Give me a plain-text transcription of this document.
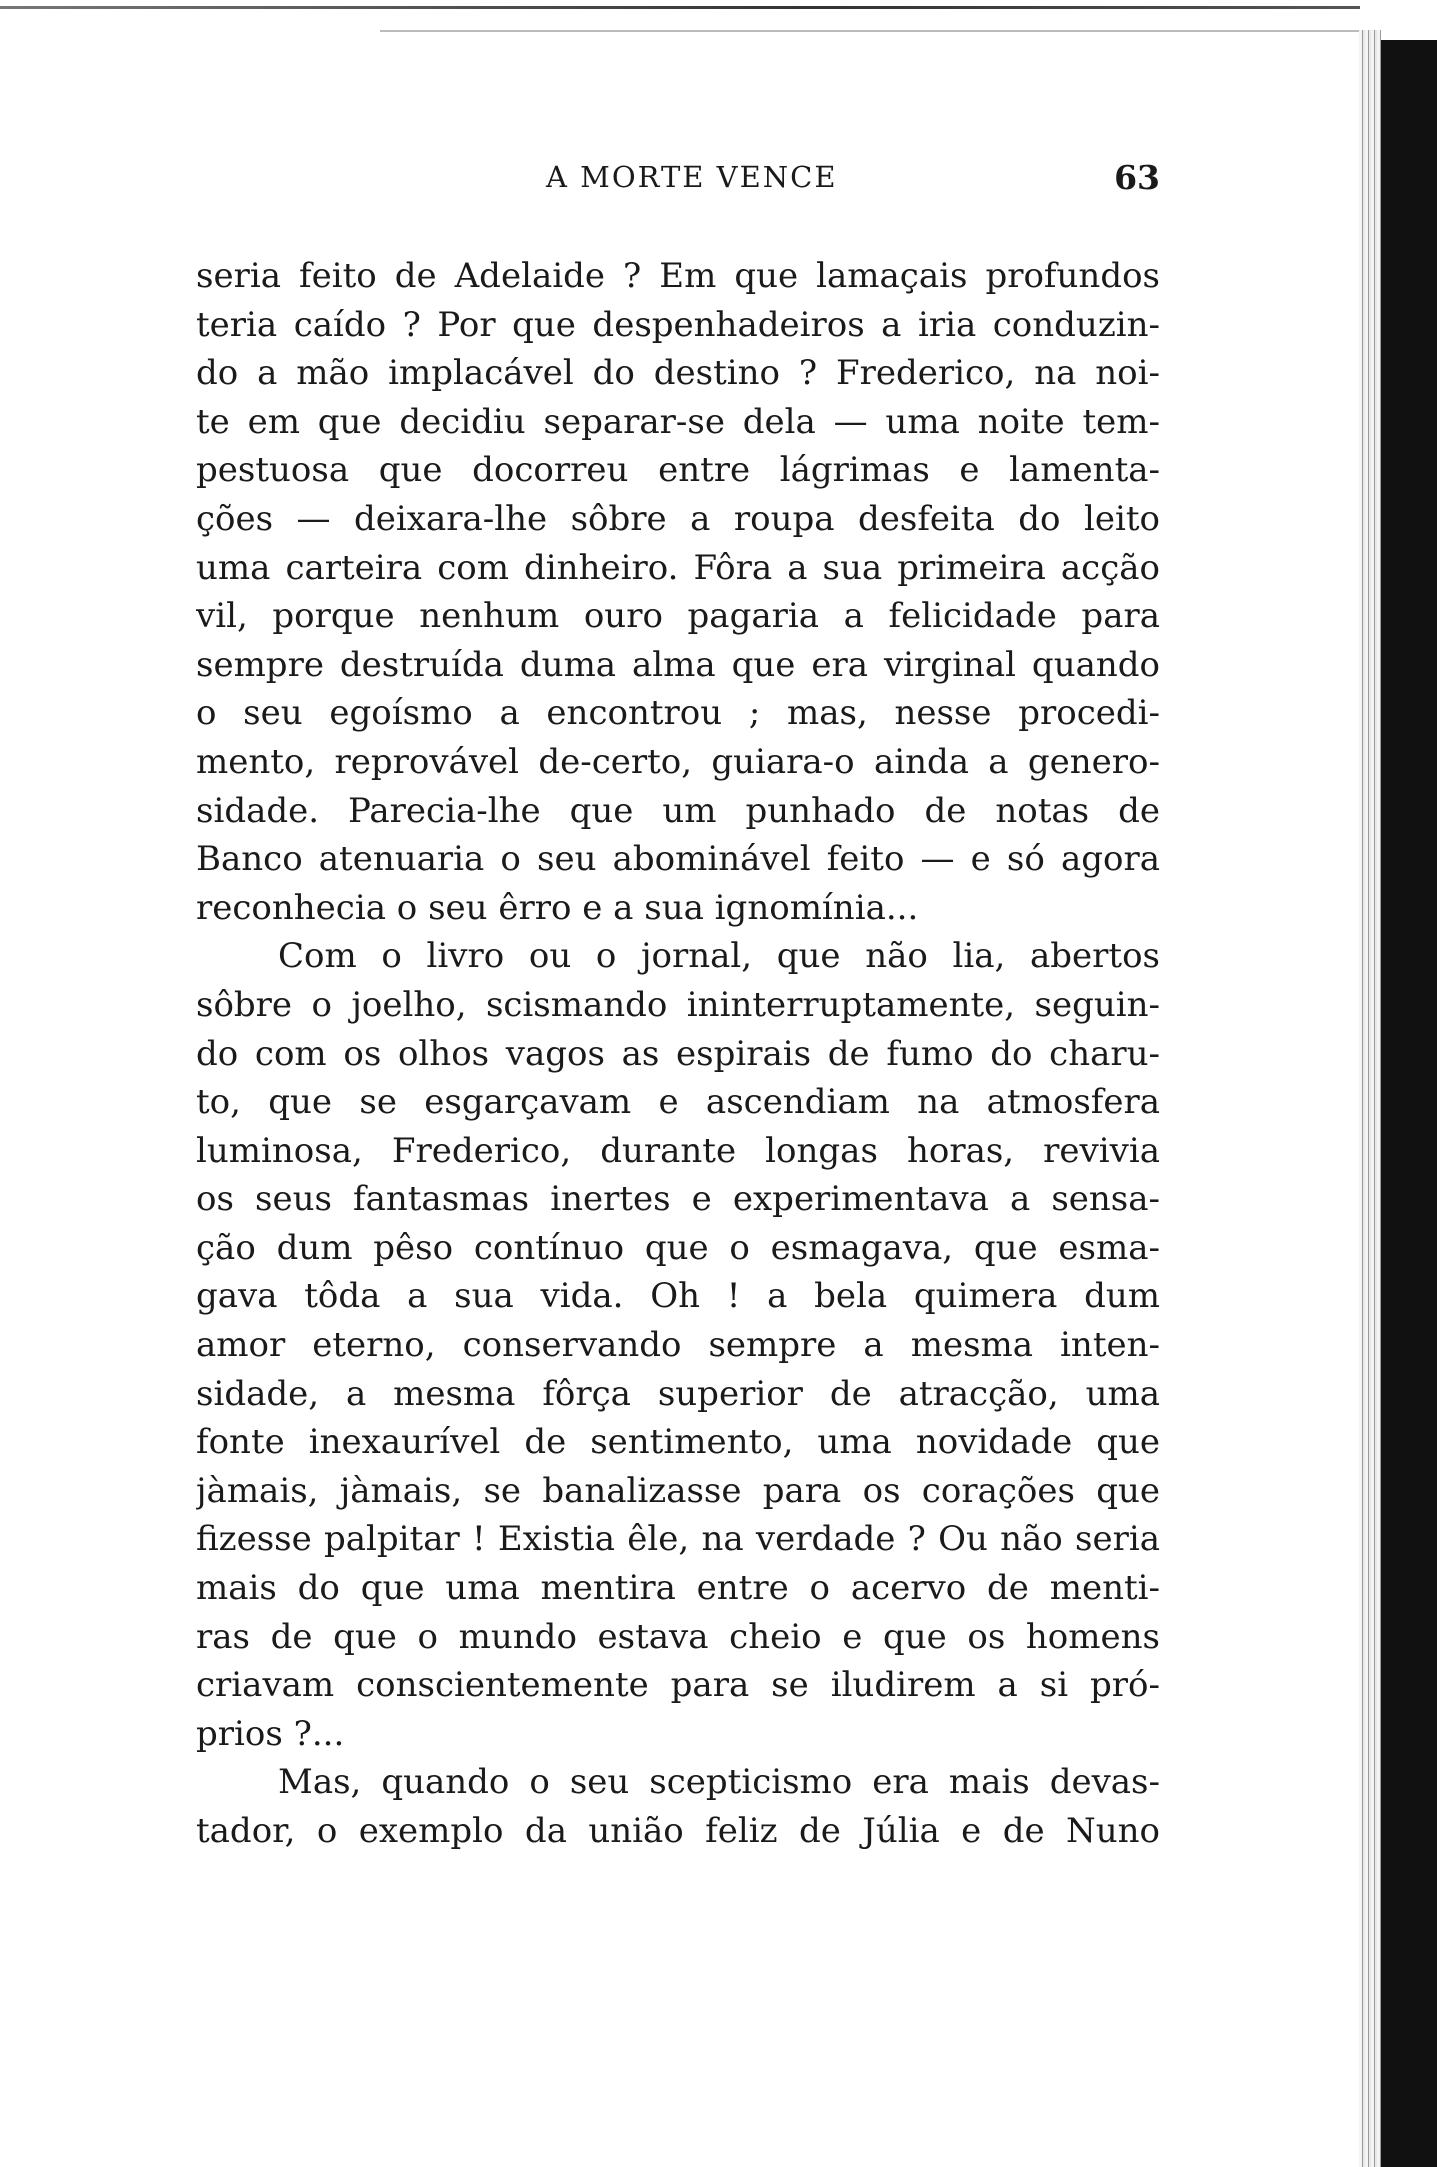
A MORTE VENCE	63
seria feito de Adelaide ? Em que lamaçais profundos
teria caído ? Por que despenhadeiros a iria conduzin-
do a mão implacável do destino ? Frederico, na noi-
te em que decidiu separar-se dela — uma noite tem-
pestuosa que docorreu entre lágrimas e lamenta-
ções — deixara-lhe sôbre a roupa desfeita do leito
uma carteira com dinheiro. Fôra a sua primeira acção
vil, porque nenhum ouro pagaria a felicidade para
sempre destruída duma alma que era virginal quando
o seu egoísmo a encontrou ; mas, nesse procedi-
mento, reprovável de-certo, guiara-o ainda a genero-
sidade. Parecia-lhe que um punhado de notas de
Banco atenuaria o seu abominável feito — e só agora
reconhecia o seu êrro e a sua ignomínia...
Com o livro ou o jornal, que não lia, abertos
sôbre o joelho, scismando ininterruptamente, seguin-
do com os olhos vagos as espirais de fumo do charu-
to, que se esgarçavam e ascendiam na atmosfera
luminosa, Frederico, durante longas horas, revivia
os seus fantasmas inertes e experimentava a sensa-
ção dum pêso contínuo que o esmagava, que esma-
gava tôda a sua vida. Oh ! a bela quimera dum
amor eterno, conservando sempre a mesma inten-
sidade, a mesma fôrça superior de atracção, uma
fonte inexaurível de sentimento, uma novidade que
jàmais, jàmais, se banalizasse para os corações que
fizesse palpitar ! Existia êle, na verdade ? Ou não seria
mais do que uma mentira entre o acervo de menti-
ras de que o mundo estava cheio e que os homens
criavam conscientemente para se iludirem a si pró-
prios ?...
Mas, quando o seu scepticismo era mais devas-
tador, o exemplo da união feliz de Júlia e de Nuno
